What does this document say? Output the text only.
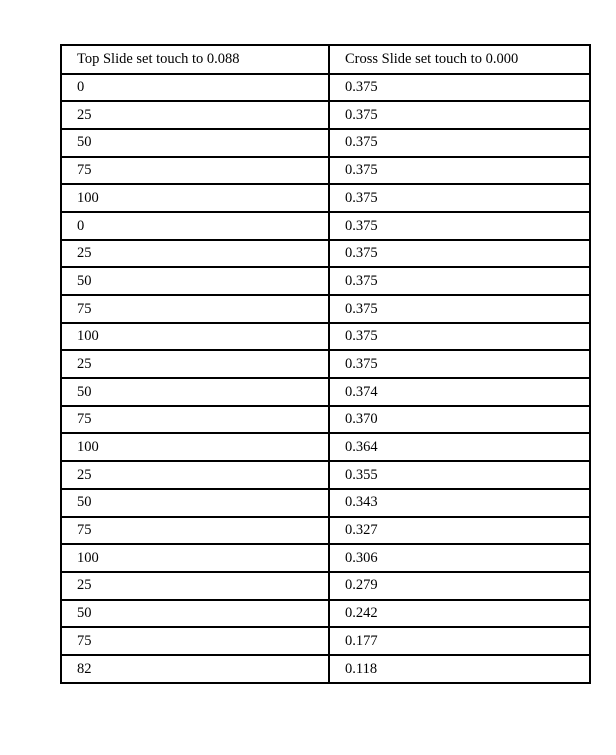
Top Slide set touch to 0.088	Cross Slide set touch to 0.000
0	0.375
25	0.375
50	0.375
75	0.375
100	0.375
0	0.375
25	0.375
50	0.375
75	0.375
100	0.375
25	0.375
50	0.374
75	0.370
100	0.364
25	0.355
50	0.343
75	0.327
100	0.306
25	0.279
50	0.242
75	0.177
82	0.118
